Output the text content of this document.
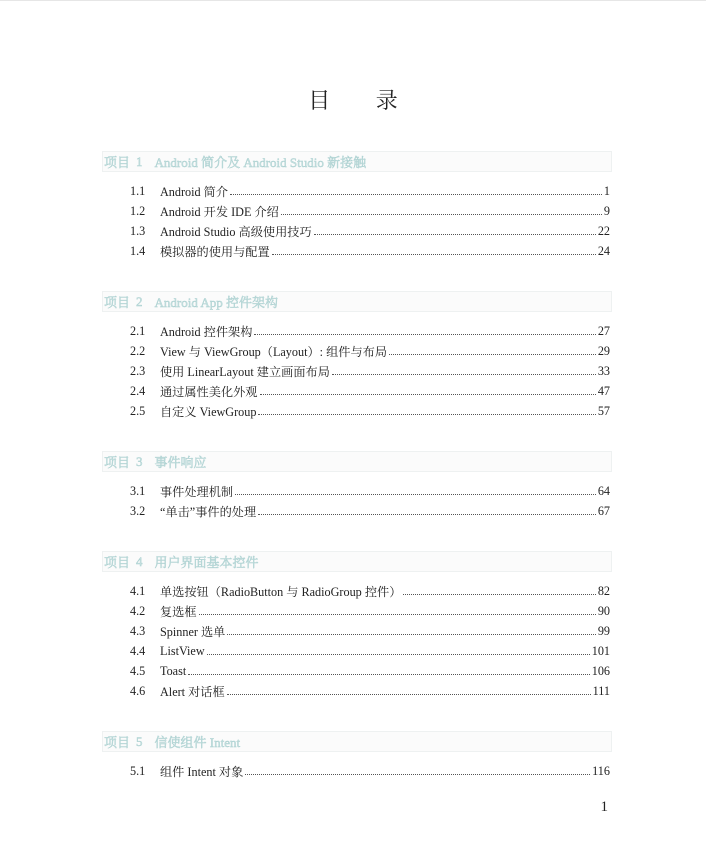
目 录
项目 1 Android 简介及 Android Studio 新接触
1.1	Android 简介	1
1.2	Android 开发 IDE 介绍	9
1.3	Android Studio 高级使用技巧	22
1.4	模拟器的使用与配置	24
项目 2 Android App 控件架构
2.1	Android 控件架构	27
2.2	View 与 ViewGroup（Layout）: 组件与布局	29
2.3	使用 LinearLayout 建立画面布局	33
2.4	通过属性美化外观	47
2.5	自定义 ViewGroup	57
项目 3 事件响应
3.1	事件处理机制	64
3.2	“单击”事件的处理	67
项目 4 用户界面基本控件
4.1	单选按钮（RadioButton 与 RadioGroup 控件）	82
4.2	复选框	90
4.3	Spinner 选单	99
4.4	ListView	101
4.5	Toast	106
4.6	Alert 对话框	111
项目 5 信使组件 Intent
5.1	组件 Intent 对象	116
1
